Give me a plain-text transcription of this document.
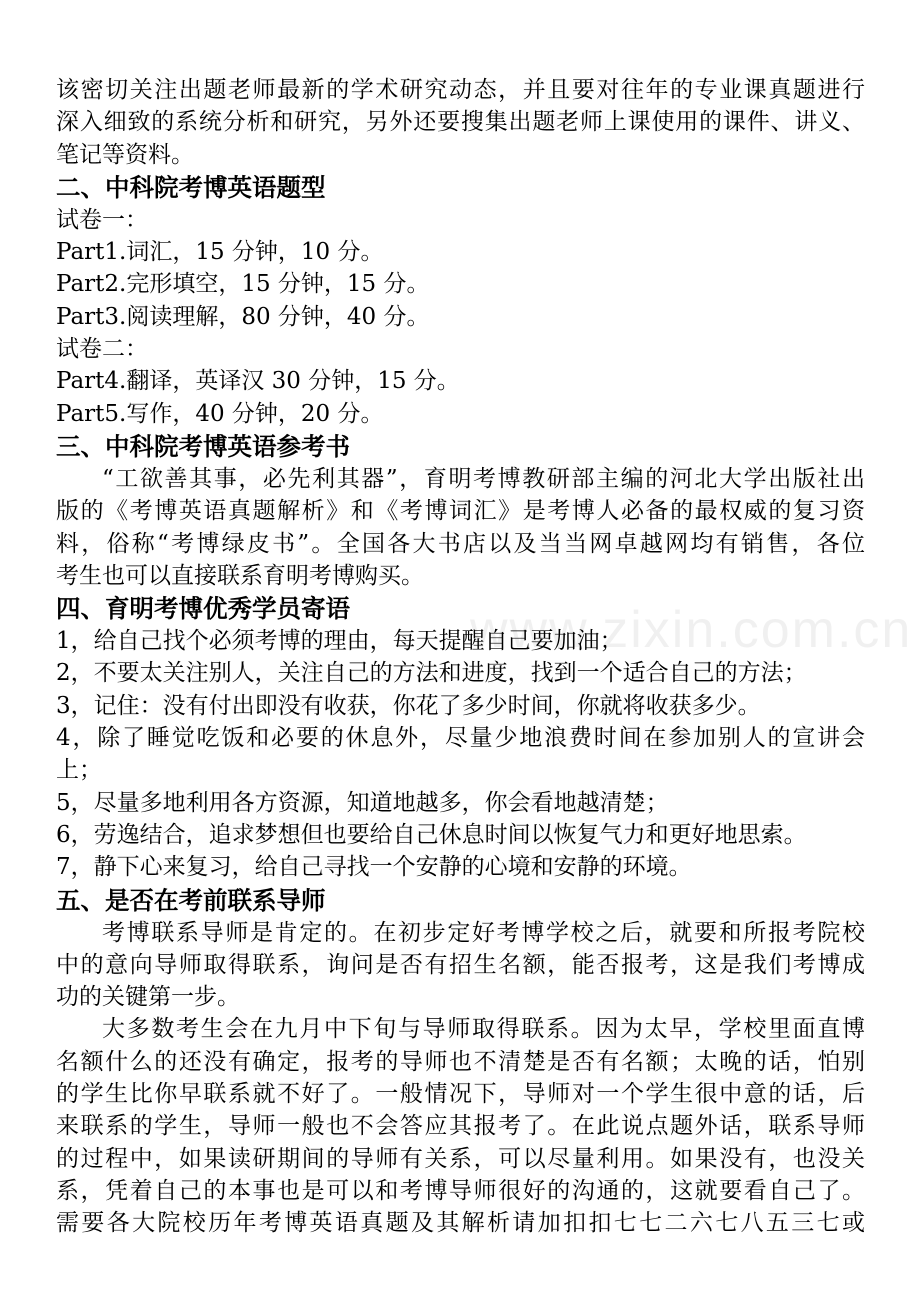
该密切关注出题老师最新的学术研究动态，并且要对往年的专业课真题进行
深入细致的系统分析和研究，另外还要搜集出题老师上课使用的课件、讲义、
笔记等资料。
二、中科院考博英语题型
试卷一：
Part1.词汇，15 分钟，10 分。
Part2.完形填空，15 分钟，15 分。
Part3.阅读理解，80 分钟，40 分。
试卷二：
Part4.翻译，英译汉 30 分钟，15 分。
Part5.写作，40 分钟，20 分。
三、中科院考博英语参考书
“工欲善其事，必先利其器”，育明考博教研部主编的河北大学出版社出
版的《考博英语真题解析》和《考博词汇》是考博人必备的最权威的复习资
料，俗称“考博绿皮书”。全国各大书店以及当当网卓越网均有销售，各位
考生也可以直接联系育明考博购买。
四、育明考博优秀学员寄语
1，给自己找个必须考博的理由，每天提醒自己要加油；
2，不要太关注别人，关注自己的方法和进度，找到一个适合自己的方法；
3，记住：没有付出即没有收获，你花了多少时间，你就将收获多少。
4，除了睡觉吃饭和必要的休息外，尽量少地浪费时间在参加别人的宣讲会
上；
5，尽量多地利用各方资源，知道地越多，你会看地越清楚；
6，劳逸结合，追求梦想但也要给自己休息时间以恢复气力和更好地思索。
7，静下心来复习，给自己寻找一个安静的心境和安静的环境。
五、是否在考前联系导师
考博联系导师是肯定的。在初步定好考博学校之后，就要和所报考院校
中的意向导师取得联系，询问是否有招生名额，能否报考，这是我们考博成
功的关键第一步。
大多数考生会在九月中下旬与导师取得联系。因为太早，学校里面直博
名额什么的还没有确定，报考的导师也不清楚是否有名额；太晚的话，怕别
的学生比你早联系就不好了。一般情况下，导师对一个学生很中意的话，后
来联系的学生，导师一般也不会答应其报考了。在此说点题外话，联系导师
的过程中，如果读研期间的导师有关系，可以尽量利用。如果没有，也没关
系，凭着自己的本事也是可以和考博导师很好的沟通的，这就要看自己了。
需要各大院校历年考博英语真题及其解析请加扣扣七七二六七八五三七或
www.zixin.com.cn
